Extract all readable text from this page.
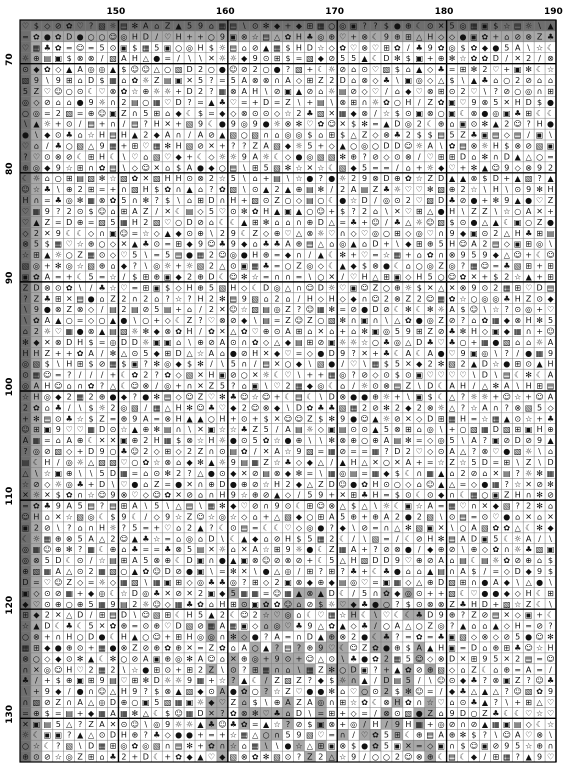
♡ $ ◇ ⊘ ✿ ♡ ? ▧ ☼ ▤ ✻ A ⌂ Z ▲ 5 9 ⌂ ▦ ▤ \ ⊙ ✻ ◆ + ◆ ⊞ ▦ ○ ◎ ▣ ? ? $ ● ⊕ ☾ ⊙ ✕ 5 ◎ ▦ ▣ $ ☆ ▤ ☼ \ ▲
= ✿ ● ✿ D ● ○ ○ ☺ ◎ H D / ♡ H + + ○ 9 ▣ ⊗ ☆ ▤ △ ✿ H ♣ ◎ ⊕ ♡ + ⊗ ☾ 9 ⊕ ⊞ △ H ◇ ◇ ● ▣ ✿ + ⌂ ⊘ ⊗ Z ♣
♡ ▦ ♣ ✿ = ☺ = 5 ⊙ ▣ $ ▦ 5 ▣ ○ ◎ H $ ☼ ▤ ⌂ ⊘ ▲ ▦ $ H D ☆ ◇ ✿ ♡ ⊗ ♡ ⊞ ✿ / ♣ 9 ✿ ◎ $ ✿ ◆ ● 5 A \ ☆ ☾
☼ ⊕ ▤ ▣ $ ⊗ ⊗ / ▧ A H △ ● = / \ \ ✕ ☼ ☼ ◆ 9 ⊙ ⊞ $ = ▧ ◆ ⊘ 5 5 ▲ ☾ D ✻ $ ▣ + ⊕ ✻ ☆ ✿ ✿ D / ✕ 2 / ⊗
⊙ ◆ ✿ ◇ ▲ A ◎ ◎ ▲ $ ☺ ☺ △ ○ ▧ D 2 ○ ● ☺ ⊘ 2 ○ ● ? ▧ + ☾ ☼ ⊘ ⌂ ⊙ ♡ ▧ $ ⌂ ▲ ◇ ♣ = ⊞ ✻ 2 ♡ + ▣ ✻ ☾ ☆
▧ 9 \ 9 ⊞ ⌂ D $ ▦ ⌂ ✿ ☼ Z ▤ ▣ ✕ 5 ? = 5 A ⊗ ⊗ ∩ A ◇ ⊞ Z 2 D ⌂ ⊗ ◇ ♣ \ ▣ ◎ ◇ △ $ \ ▲ ♣ ⌂ ○ 2 ⊘ ⌂ ⌂
5 Z ♡ ☺ ○ ⊙ ☾ ♡ ⊗ ✿ ☆ ⊕ ☼ ☼ + D 2 ? ▦ ⊗ A H \ ⊘ ▣ ▲ ⊘ ⌂ ☼ ▤ ⊘ ◇ ♡ / ⌂ ◆ ♡ ⊗ ⊞ ⊙ 2 ♡ \ ? ⊘ ○ ◎ ∩ ⊞
◎ ◇ ⊘ ⌂ ⌂ ● 9 ☼ ∩ 2 ▤ ○ ▦ ♡ D ? = ▲ ♣ ♡ = + D = Z \ + ▤ \ ⊗ ⊞ ∩ ☼ ✿ ○ H / Z ✿ ▣ ♡ 9 ⊗ 5 ✕ H D $ ●
○ ◎ = 2 ▧ = ⊕ ☺ ▣ Z ∩ 5 ⊞ ⌂ ◆ ☾ $ = ◆ ◇ ⊗ ⊙ ⊙ ◇ ☆ 2 ♣ ▧ ✕ ▦ ◆ ⊗ / ☆ $ ⊙ ▣ ⊗ ○ ▣ ☾ ⊗ ● ◎ ▣ ♣ ⊞ ☾ ☾
\ ▲ ☼ + ⊙ / ▤ + ∩ / ▤ ? H ✕ + ▧ 9 ☾ ● 9 ◎ 9 ● ☼ ⊗ ✻ ♡ ✿ ☺ ✕ $ ✻ = ▲ D ◎ 2 ☾ ⊕ ⌂ ▣ ⊙ ✻ ▲ 2 ☺ ? H ●
● \ ◆ ⊙ ♣ ⌂ ☆ H ▤ H ▲ 2 ◆ A ∩ / A ⊘ ▲ ▧ ○ ▧ ∩ ⌂ ◎ ◎ $ ⌂ ⊞ $ △ Z ◇ ⊗ ♣ 2 $ $ ▤ 5 Z ♣ ▣ ▤ ◇ ▤ / ▣ \
♡ ⌂ / ♣ ○ ▧ △ 9 ▦ + ⊞ ♡ ▦ ✻ H ▧ ⊘ ✕ + ? ? Z A ▧ ◆ ☼ 5 + ◇ ▲ ○ ◎ ○ D D ☺ ☼ A \ ✿ ▤ ⊗ ☼ H $ ⊗ ⊘ ▧ ▣
? ♡ ⊙ ⊗ ⊘ ☾ ⊞ H ☾ \ ♡ ⌂ ▧ ♡ ◆ + ☾ ◇ ☼ ☼ 9 A ☼ ☾ ◇ ● ◎ ▧ ▧ ✻ ⊕ ? ⊘ ◇ ⊙ ⊗ / ♡ ⊞ ⊞ D ⌂ ✻ ∩ D ▲ △ ○ =
⊕ ◎ ◆ 9 ☆ ⊞ ∩ ✿ ▤ \ ◇ ☺ ✕ ⌂ $ A ● ◆ ○ ▤ \ ⊞ 5 ▧ ✻ ☆ ✕ ☆ ☾ ▧ ◆ 5 = = / ⌂ + ☼ ◆ ♡ + ✻ ▲ ☺ 9 ◇ ⊗ 9 2
☾ ☼ ⌂ ○ ⊞ ▤ ▧ ✻ ☆ ▧ ✿ ✕ ▧ H H ⊙ ⊗ 2 ☆ 5 \ ⌂ + ▤ \ ☆ ● ? ● ☼ 2 9 ⊗ D ⊕ ✿ ☆ Z D ▲ ▲ ⊗ $ D + ▲ ▧ ? ▲
☺ ☆ ♣ \ ⊕ 2 ⊞ = + ∩ ▧ H $ ✿ ∩ ▲ ⌂ ? ✿ ▧ \ ⊙ ▲ 2 ▲ ⊕ ▤ ✻ / 2 A ▤ Z ♣ ☼ ♡ ♡ ✻ ▧ ⊕ 2 ☆ \ H \ ⊙ 9 ✻ H
H ∩ = ♣ ◎ ✻ ▦ ⊗ ✿ 5 ∩ ✻ ? $ \ ⌂ ⊞ D ∩ H + ▧ ⊙ Z ○ ◇ ▤ ○ ☾ ● ☆ D / ◎ ⊙ 2 ♡ ▧ D ♣ ⊘ ● + ✻ 9 ▲ ● ♡ Z
♡ ▦ 9 ? 2 ⊙ $ ☺ ⌂ ⊞ A Z / ✕ ☾ ▤ ◇ 5 ♡ ⊙ ✻ ✿ H ▲ ▣ ▲ ○ ☺ + $ ? 2 ⌂ \ ✕ ♡ ⊞ △ ● H \ Z Z \ ☆ ○ A ✕ +
♡ ▲ Z = D ⊕ = ▧ 5 ▦ H 2 ▧ ♡ ○ D ⊘ ⌂ ☾ ☾ ▲ ⊞ ✻ ⌂ ⌂ ∩ ⊕ D △ = ♣ + ☺ / ♣ △ ☼ ☺ ▧ $ ⊙ ● △ ▲ ☾ ▣ ○ Z ●
◇ 2 ✕ 9 ☾ ☾ ◇ ∩ ▣ ☺ = ☆ ◇ ▲ ◆ ⊙ ⊕ \ 2 9 ☾ Z ◇ ⊕ ♡ △ ⊗ ☼ ♡ ∩ ◇ ♡ ◎ ○ ⊞ ◇ ◎ ♡ ∩ 9 ◆ ▣ ⊙ 2 △ H ♣ ⊞ ▤
⊗ 5 $ ▦ ♡ ☆ ⊕ ○ ◇ ✕ ▲ ♣ ⊙ = ⊞ ◆ 9 ☺ ♣ 9 ◆ ⌂ ♣ ♣ A ⊕ ▤ △ ⌂ ◎ ▲ ⌂ D + \ ◆ ⊞ ⊕ 5 H ☺ A 2 ▤ ◇ ▣ ⊞ ◎ \
☆ ⊞ ▲ ☼ ○ Z ▦ ⊙ ◇ ♡ 5 \ = 5 ▤ ● ▦ 2 ☺ ◎ ● H ⊕ = ◆ ∩ / ▲ ☾ ✻ + ♡ = ☆ ▦ + ⌂ ✿ ∩ ⊗ 9 5 9 ◆ △ ☺ + ☾ ☺
▧ ◎ + ✻ ◎ ☆ ▧ ⊕ ⌂ ◆ ? \ ◎ ☼ + ☼ ▧ 2 △ ⊙ ▣ ▦ ♣ = ○ Z ◎ ◇ ☾ ▲ ◆ $ ⊗ ● ☾ ⌂ ○ ◎ Z ◎ ? ▦ ☺ = ♣ ▧ ⊞ + ⊞
▣ ✿ A = + ☾ 5 = ☆ / $ ⊞ ⊕ ▣ ◆ 2 ⊕ D ☾ ☺ ✻ ☆ = ∩ ∩ = \ ○ ✕ / ♡ H △ ⊞ ▣ ◇ H 5 ○ ☺ ✿ ✕ + $ 2 ☆ ▲ + ⊞
Z D ⊗ ⊙ ✿ \ / ♣ ☆ ♡ = ⊞ ▣ $ ◇ H ⊕ 5 ▧ H ◇ ☾ D ◎ △ ∩ ☺ D ☼ ♡ ▣ ☺ Z ○ ⊕ ☼ $ ✕ △ ✕ ⊗ 9 ⊙ 2 ▦ ⊞ ♡ D ▤
? Z ♣ ⊞ ✕ ▤ ● ⌂ Z 2 ∩ 2 ⌂ ? ☆ ? H 2 ✻ ▤ 9 ▧ ⌂ 2 ⌂ / H ◇ H ◇ ◆ ∩ ☺ 2 ⊗ Z 2 ☺ ▦ ✿ ☆ ○ ◎ ◎ ♣ H Z ⊙ ◆
\ 9 ● ⊗ Z ⊗ ◇ / ▤ 2 ▤ ⊘ 5 ▤ + ⌂ / 2 ✕ ☺ ☆ ▧ ▤ ◎ Z ? ☺ ▦ ✻ = ⊘ ● D ⊘ ☾ ✻ ☾ ✻ ☼ A $ ☺ \ ☆ ? ⊙ ◎ + ♡
\ ✿ A ▲ ○ = ◇ ○ ▲ ● \ ○ + ◇ ☾ Z ? ♡ ⊗ ⊘ ◆ \ ▤ = Z ☺ Z ○ ▧ ✻ ∩ ▣ ∩ \ △ ✿ ● ◎ Z ⊘ ? ⌂ ✿ ▦ ◆ ⊗ H ✻ 5
⌂ 2 ☼ ♡ ▦ ● ⊗ ▲ ▤ ▧ ☼ ✻ ◆ ⊗ ✿ H / ✿ ✕ △ ✿ ♡ ⊕ ⊙ A ⊞ ⌂ ✕ ⌂ + ⌂ ✻ ▣ ◎ 5 9 ⊞ Z ⊘ ♣ ✻ H ◇ ▣ ◆ ▦ ∩ + ☺
✻ ◆ ✕ ⊗ D H $ = ◎ D D ☼ ▣ ▣ ⌂ \ ⊕ ⊘ A ⊙ ∩ ✿ ◇ △ ◆ ▤ ⊞ ⊘ ▣ ☼ ☼ ☆ ○ ♣ ◎ △ D ♣ ♡ ♣ ○ + ▦ ● ▧ ⌂ ⌂ ☼ A
H H Z + + ✿ A / ✻ △ ⊙ 5 ◆ ⊞ D △ ☆ A ⌂ ● ⊘ H ✕ ◆ ♡ = ◇ ● D 9 ? ✕ + ♣ ☾ A ☾ A ● ♡ 9 ▣ ◎ \ ? / ● ▦ 9
◎ ▧ $ \ H ⊞ $ ⊘ ▦ $ ▣ ? ✻ ◎ ◆ $ ✻ / \ 5 ∩ / ▤ ✕ ○ ◆ \ ▧ ● / ♡ \ ▦ $ 5 ✕ ◆ 2 ✻ ▧ 2 ▲ D ☆ ● ⊞ ⊙ ▲ H
⊙ ▦ ☺ = ? / / / + ☾ ✿ 2 ? ✿ ◇ ▧ ✕ H ▣ ⊘ ○ ✕ ☼ ☾ ♡ \ + + ▦ ◎ ? ⊘ ◇ ⊙ $ ⊙ ▣ ♡ ♡ ♡ ♡ \ D \ ▤ ☾ ✻ ☾ A
◎ A H ☺ ⌂ ∩ ✿ ? △ ☾ ☺ ⊗ / ◎ + ∩ ✕ Z 5 ? ⌂ ▣ \ ♡ 2 ▦ ◆ ◎ ☾ ⌂ / ☼ ⊙ ⊗ ▤ Z \ D ☾ A H / △ ✻ A \ H ⊞ ▤
☆ H ◎ ◆ 2 ▦ 2 ⊕ ● ◆ ? ● ✻ ▤ ◇ ☺ Z ♡ ✻ ♣ ☺ ☆ ☺ + ☾ ▤ ☾ \ D ⊗ ● ● ⊕ ☼ + \ ▣ $ ☾ △ ? ☼ ☼ + ☺ ☆ + ☺ A
2 ✿ ⌂ ♣ / \ $ ☼ 2 ◎ ▧ / ▦ △ H ✻ ☺ ♣ ♡ ◆ 2 ☺ ⊗ ◆ \ D ✿ ♣ ♣ ▧ ▦ 2 ⊘ ✻ 2 ◆ 2 ⊗ ☼ △ ? ☆ A ∩ ? ⊗ ▧ 5 ◇
+ ✻ ▤ ⊙ ♣ ☆ $ Z = ⊕ 9 A = ⊗ H ▲ ▲ ○ H + ⊙ + $ ✕ ☺ ☺ Z $ ✻ 9 ● ☺ ▲ ☼ ⊘ ✕ ◇ D ⊞ ▦ H = ☆ ▦ ▲ ⊙ ☆ + ♣
☺ ⊞ ▣ 9 ♡ ♡ ▦ D ⊙ ☆ ▲ ⊕ ✻ ▤ ∩ \ ✕ ▣ ☆ ☆ ♣ Z 5 / A ▤ ☼ ◇ ▣ ▤ ⊙ ⊙ ▲ 5 ⊗ ⊞ ⌂ ◎ \ + ○ ▧ ▦ D ▧ ⊞ ▣ H ⊕
A ▦ = ⌂ A ⊕ ☾ ✕ ✕ ▣ ⊕ 2 H ▦ $ ⊗ ☆ H ☼ ● ⊙ 5 ✿ ☆ ● ⊕ \ \ ✻ ⊗ ⊕ ○ ⊕ A ▤ ✻ = ◇ ◎ 5 \ A ? ▣ ⊘ D ⊘ 9 ▲
? ◎ ⊘ ▧ ◇ + D 9 ○ ♣ ☺ 2 ◇ ⊞ ◇ 2 Z ∩ ⊙ ▤ ✿ / ✕ A ☆ 9 ▧ = ▦ ⊘ = = ▦ ? D 2 ♡ ◇ ⊙ A △ ? ⊗ ♡ ● ▧ ☼ \ ⌂
▤ ☾ H / ◎ ☼ △ ▧ ▧ ♡ ○ ✿ ☆ ⊗ ⌂ ◆ ✻ ▲ ☼ 9 ▤ ▦ Z ☆ ♣ ◇ ◆ △ / ▲ H △ ✕ ○ ✕ A + = ☆ Z ☆ 5 D = ⊞ \ Z \ D
△ \ ☆ ▣ ⊕ \ \ 5 D ▦ = ⌂ ⊙ ✻ 2 ? △ ● ⊙ ◆ ✕ ⊘ ▤ ⊗ ◆ ✻ = \ ▦ ◎ ▤ = ▦ ◆ $ ☾ ∩ ▦ ▲ ⌂ 2 ⊘ ⌂ ✕ ▤ ? ☼ ✻ ▦
☆ ⊘ ◇ ☼ ◎ ♣ + D \ ♡ ● ⌂ Z = ● ✕ ∩ ⊕ D ● ⊕ ⊘ ☆ H 2 ◆ △ Z D ☺ ● ✿ H ⊙ ○ ◇ ⌂ ☺ ▲ △ = ◇ ● ▦ ? ☆ ✕ ⊘ ✻
✕ ☼ ✕ $ ✿ ∩ ☆ ☺ 9 ⊗ ♡ ◇ ☺ ✿ ✕ ⊘ ⌂ ∩ H 9 ☆ ⊕ ⊘ ▲ ◇ / 5 9 + ✕ ⊞ ♣ H = $ ⊙ ☾ ⊙ ◆ ∩ ☾ ▦ ○ ▣ Z H ∩ ✻ ⊘
= ✿ ♣ 9 A 5 ▤ ? ▤ ⊞ A \ 5 \ △ ▤ \ ▦ ✻ ◆ ♡ ⊘ ∩ 9 ⊙ ☾ ⊞ ☺ ⊗ △ $ △ \ ☼ ☾ ▣ ☆ A = ▦ ♡ ∩ ✕ ◆ ▧ ? 2 ✻ ⌂
☺ H ⌂ ✕ ☆ ▧ ◎ ☾ $ 9 ☾ / ◇ 9 ☆ Z ☺ ☆ ◎ ☆ ◇ ⌂ + △ ▧ ◆ ○ ⊞ A 5 ⊕ + ⊕ A 2 ● 2 ▧ \ ⊙ ▤ = ⊙ ♡ ● ⌂ ✕ ⌂ ✕
▣ 2 ⊘ \ ? ⌂ ∩ H ☼ ? 5 = + ♡ ⌂ 2 ▲ ? ☾ ⊙ ▤ = ☾ ☾ ♡ ◇ ◎ ● ? ◆ \ ⊘ = ∩ △ ✻ ▧ ▣ ✕ \ ○ A ▧ ✿ ✿ △ ☾ ✻ ◆
☾ ☼ ▦ ⊕ ⊗ 5 A △ 2 ☺ ▲ ♣ ☆ = ⌂ ◎ ⌂ D \ ☾ ▲ ◆ ⌂ ⊘ H $ 5 ▦ 2 ☾ / \ ▧ = / ☾ ⊘ H ✻ ▤ A D ▣ 5 ☾ ☼ A / \
◎ ▦ ☺ ⊕ ✻ ? ▦ ☾ ⊕ ⌂ ♣ = = ♣ ⊗ 5 ▤ ✕ ☼ ⌂ ✕ A ☆ ⊞ 9 ☼ ● ☾ Z ▦ A + ? ⊘ ⊗ ● / ◆ ⊕ ⊘ \ ⊕ ◇ ✿ ∩ ☼ ♣ ▧ ▣
◎ ⊗ 5 D ☾ ⊙ / ☆ ▤ ⊞ A 5 ⊗ ⊕ ☾ D ▣ ∩ ● ▲ ▣ ⊗ ☺ ⊘ ⊗ ⊘ + ☾ 5 △ H ▧ D D 9 ♡ ⊕ ⊘ A ⌂ ▤ ☾ ▤ ☼ ✿ ⊘ ⊕ ⌂ $
⊕ ▧ ▦ A △ ⊙ 2 ▦ ▧ ○ ▲ ✿ ☺ D ⊘ ● ▣ \ = ✻ ✕ \ ● △ ◎ / ⊞ ? ⊞ ? ♣ + ☾ ♣ ● ⌂ ⌂ ▲ ▤ ∩ A $ / = ◇ D ◆ 9 $
D = ♡ ☺ Z ◇ = ☼ ◇ ▦ ▧ \ ▦ ▣ ⊞ ◇ ◎ ♣ ♣ ◎ ? ⊞ ◇ 2 ▣ ⊗ ◆ ⊕ ◆ ▤ ◎ ♡ = ▣ ▦ ◇ △ ⊕ D ▧ ⊞ ∩ ● A ◆ \ △ ● \
▣ ◇ ⊙ ⊘ ▦ + ◆ ◎ ☾ ☆ D ◎ ♣ ✕ ⊘ ✕ 2 ▣ ◆ 5 ▦ ▦ = ☺ ▦ ▲ ⊗ ▲ D ☾ / 5 ∩ ✿ ◆ ◎ ⊙ + + ▧ ☾ ♡ ● ● ◆ ◇ H ☾ ⊞
◆ ♡ ⊙ ⊕ ○ ⊕ 5 ▦ 9 ▤ 2 ☼ ☺ ◇ ▦ ♣ ✿ ⌂ H ⊞ ⊙ ▣ ✿ ✿ ☺ ⌂ ⊘ $ ☼ ♡ ◆ ♣ ● ○ ? $ ⊙ ⊗ ⊗ Z ♣ H D + ▧ ☆ Z ☾ \
⊞ ◆ 2 ✕ △ D / ⊞ ▤ D \ ☺ ▧ ⊞ ☾ H 5 ▲ 2 ☾ ☺ 2 ☆ ♡ ◎ ⌂ ☾ ♡ ▦ ☆ H ☾ \ ♡ ☾ ☾ ♣ D 9 ⊕ ? Z ⊘ ▤ ✕ ◇ ▣ + ☾
☆ ▲ D ☾ ♣ ☾ 5 ✕ ✿ ⊕ = ⊙ ⊕ ♡ D ▧ ⊘ ▦ A ▦ ▣ ◇ ⌂ ◎ ♡ ♣ 9 △ ✿ ▲ ◇ ♣ / ○ A △ ○ Z ◎ ? ▲ ⌂ ⌂ ▲ ◇ H = ⊘ ?
○ ⊗ + ∩ H ○ D ● ☾ H ▲ ○ ☺ + ⊞ H ◎ ◎ ∩ ✻ ◇ ● ? A = ∩ D ▲ ⊕ ⊗ 2 ● ☾ ♣ ? = ✿ = ♣ ▣ ▧ ◇ ⊗ ◇ ⊘ 5 ● ☺ ✻
▦ ⊞ ◆ ● ⊕ ⊙ + ▦ ● ⊗ Z ⊘ ⊕ ✿ ⊕ ✕ = Z ✿ ⌂ A ○ ▲ ? ▤ ? ⊕ 9 ♡ ☾ ☺ Z ✿ ● ⊕ $ A ▲ H ▣ = D ⌂ ⊕ ⊞ ♣ ☺ ☆ H
⊗ ○ ◇ ◆ ⊙ ✻ ▲ ☾ ✻ ○ ⊘ A ▣ ⊕ ◎ ✻ A ☺ ⌂ ✕ ⊕ ◎ + 9 ⊙ + ☺ △ ⊙ \ ♣ ● ✿ 2 ▦ 5 ☺ ◇ ⊗ D ✕ ⊞ 9 5 ✕ 2 ▤ = ☺
∩ ✕ ◎ ☺ H ♡ 2 ▦ 2 \ ☆ ● ⊞ ⊙ + ⊞ 2 Z \ ⊙ ? ⊞ ▦ ∩ ⌂ \ ▦ Z ✻ ○ D ▣ ? + ▲ ✿ ⊘ ⊕ ▧ ◇ ⌂ Z ☾ ⌂ ⊕ = A = /
♣ / + $ ⊕ ▣ ⊞ 9 ▤ ♡ ⊞ ✻ D ☼ ☼ 9 ▦ + ☆ ? ▲ ☾ / Z ▧ Z ? ◆ $ ☼ ∩ ▲ / D ▤ 5 / \ ☺ ⊙ ◆ ♣ ? ⊗ ▣ Z ? ☺ ♣
\ + 9 ◆ / ● ∩ ☺ △ H 9 ? $ ⊗ ▲ ▧ ◆ ⊙ A ● ✿ ○ ? ☆ Z ♡ ● ● ✻ ⌂ ♡ ○ ⊙ 2 $ ✻ ☺ = / ◆ ♣ △ ▲ △ ? ☺ ▧ ✿ 9
∩ ▧ ⊘ Z ∩ A △ ◎ D ⊕ ○ ▣ 5 ▧ ▦ ▣ ☼ ◆ ♡ Z ⌂ $ \ ⊕ A Z A ◎ ∩ ⊞ ☆ ✿ ☾ ⊗ H ✿ ∩ ☆ ♡ ⌂ ⊙ ♣ ▲ ? \ + ⊞ △ ♡
= ⊕ $ = ▤ + ◆ ▦ A ▦ ✻ △ ☾ $ ☺ ▦ D ✕ ? ✿ ⊗ ✻ ♡ ♣ ⌂ D \ = ⊞ + ◇ = / ⊗ ⊙ ▧ ● Z ⌂ 9 D ○ Z ♣ ☾ ☾ ♡ ☆ ♡
✕ ▣ ▤ 5 △ ? Z A ✕ ⊙ ☺ \ ◎ 9 ☼ ☼ ▲ ♣ ☺ ♣ ✿ = ▲ ☆ ? ⊘ $ ▣ ⊗ + ◎ / H / 9 H ▦ + ◎ ⊘ ∩ ⊘ ▲ ▦ ▣ ▤ ◇ ☾ ☆
☼ ☾ ▣ ▣ ? ▲ △ ⊙ D H ⊕ ? ♣ ◇ ● ● + = + ☆ ▦ △ ○ ∩ 5 9 ▧ ♡ = ∩ / ♡ ✿ 5 ⊞ ☾ ⊕ ▤ A ⊕ ✻ $ ? \ ☺ A ♡ ⊗ \
○ ☆ ☾ ? ▧ \ D ▦ ⊞ ◎ ✿ ◎ ▧ ∩ ▤ ✻ + ✿ ∩ ☆ ⌂ ▦ \ \ ● ☆ △ ⊞ ▣ ⊗ $ ● ✿ 5 ▣ ✕ = ◇ ▣ ∩ $ ☺ ▣ ⊘ 9 5 ☆ ⊕ ∩
⊕ ⊙ ⊘ ☆ ◎ Z ⊞ ⌂ ♣ 2 + D ☾ + ✿ ◆ ▲ ♡ ◆ ▧ ⊗ ✿ ✻ ▧ ⊙ ? Z 2 △ ☆ 9 / ○ ○ 2 ☺ ⊗ ⊕ ☾ ▤ ☾ ◆ / ⊞ ▦ ? ▲ 9 ♡
150	160	170	180	190
70
80
90
100
110
120
130
